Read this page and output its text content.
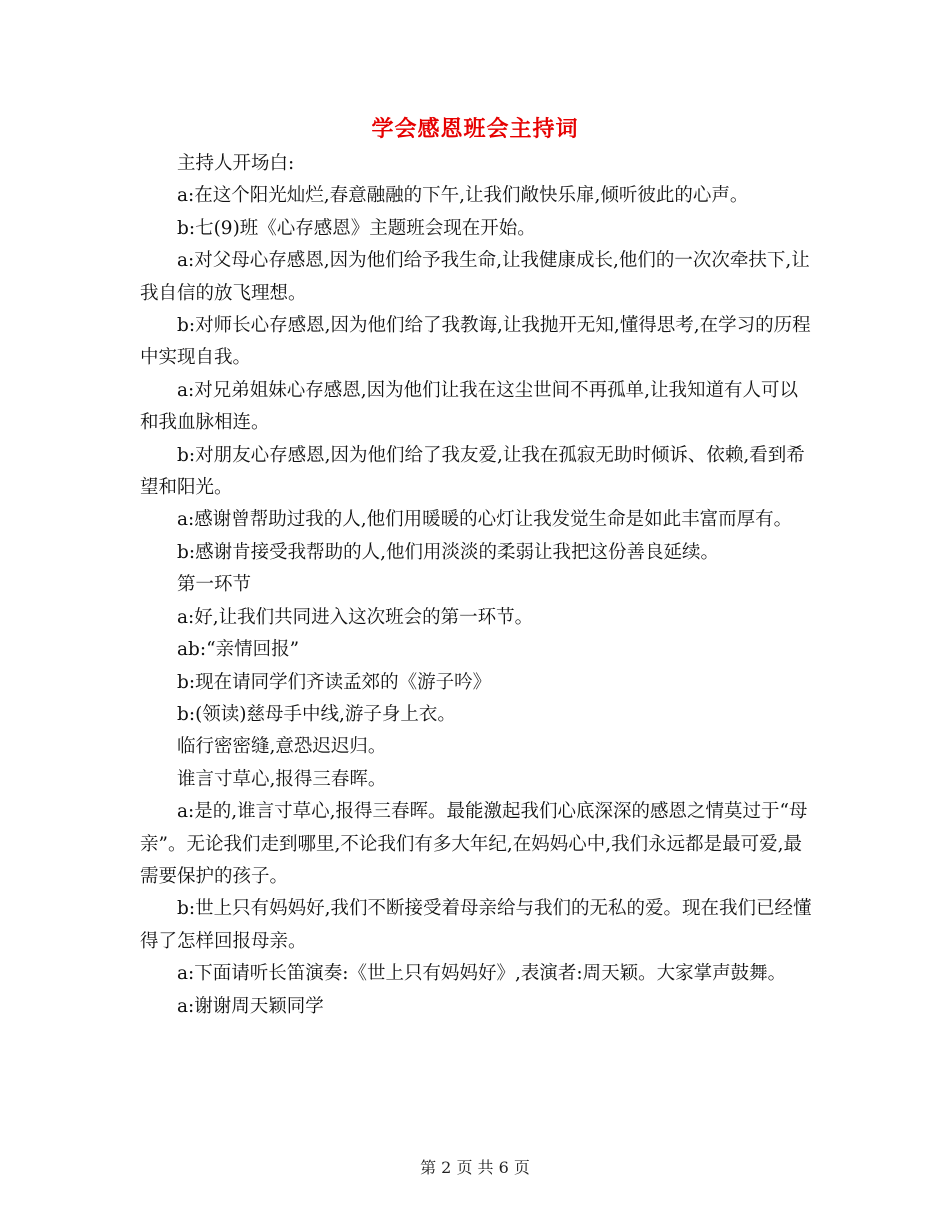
学会感恩班会主持词

主持人开场白:

a:在这个阳光灿烂,春意融融的下午,让我们敞快乐扉,倾听彼此的心声。

b:七(9)班《心存感恩》主题班会现在开始。

a:对父母心存感恩,因为他们给予我生命,让我健康成长,他们的一次次牵扶下,让我自信的放飞理想。

b:对师长心存感恩,因为他们给了我教诲,让我抛开无知,懂得思考,在学习的历程中实现自我。

a:对兄弟姐妹心存感恩,因为他们让我在这尘世间不再孤单,让我知道有人可以和我血脉相连。

b:对朋友心存感恩,因为他们给了我友爱,让我在孤寂无助时倾诉、依赖,看到希望和阳光。

a:感谢曾帮助过我的人,他们用暖暖的心灯让我发觉生命是如此丰富而厚有。

b:感谢肯接受我帮助的人,他们用淡淡的柔弱让我把这份善良延续。

第一环节

a:好,让我们共同进入这次班会的第一环节。

ab:“亲情回报”

b:现在请同学们齐读孟郊的《游子吟》

b:(领读)慈母手中线,游子身上衣。

临行密密缝,意恐迟迟归。

谁言寸草心,报得三春晖。

a:是的,谁言寸草心,报得三春晖。最能激起我们心底深深的感恩之情莫过于“母亲”。无论我们走到哪里,不论我们有多大年纪,在妈妈心中,我们永远都是最可爱,最需要保护的孩子。

b:世上只有妈妈好,我们不断接受着母亲给与我们的无私的爱。现在我们已经懂得了怎样回报母亲。

a:下面请听长笛演奏:《世上只有妈妈好》,表演者:周天颖。大家掌声鼓舞。

a:谢谢周天颖同学

第 2 页 共 6 页
